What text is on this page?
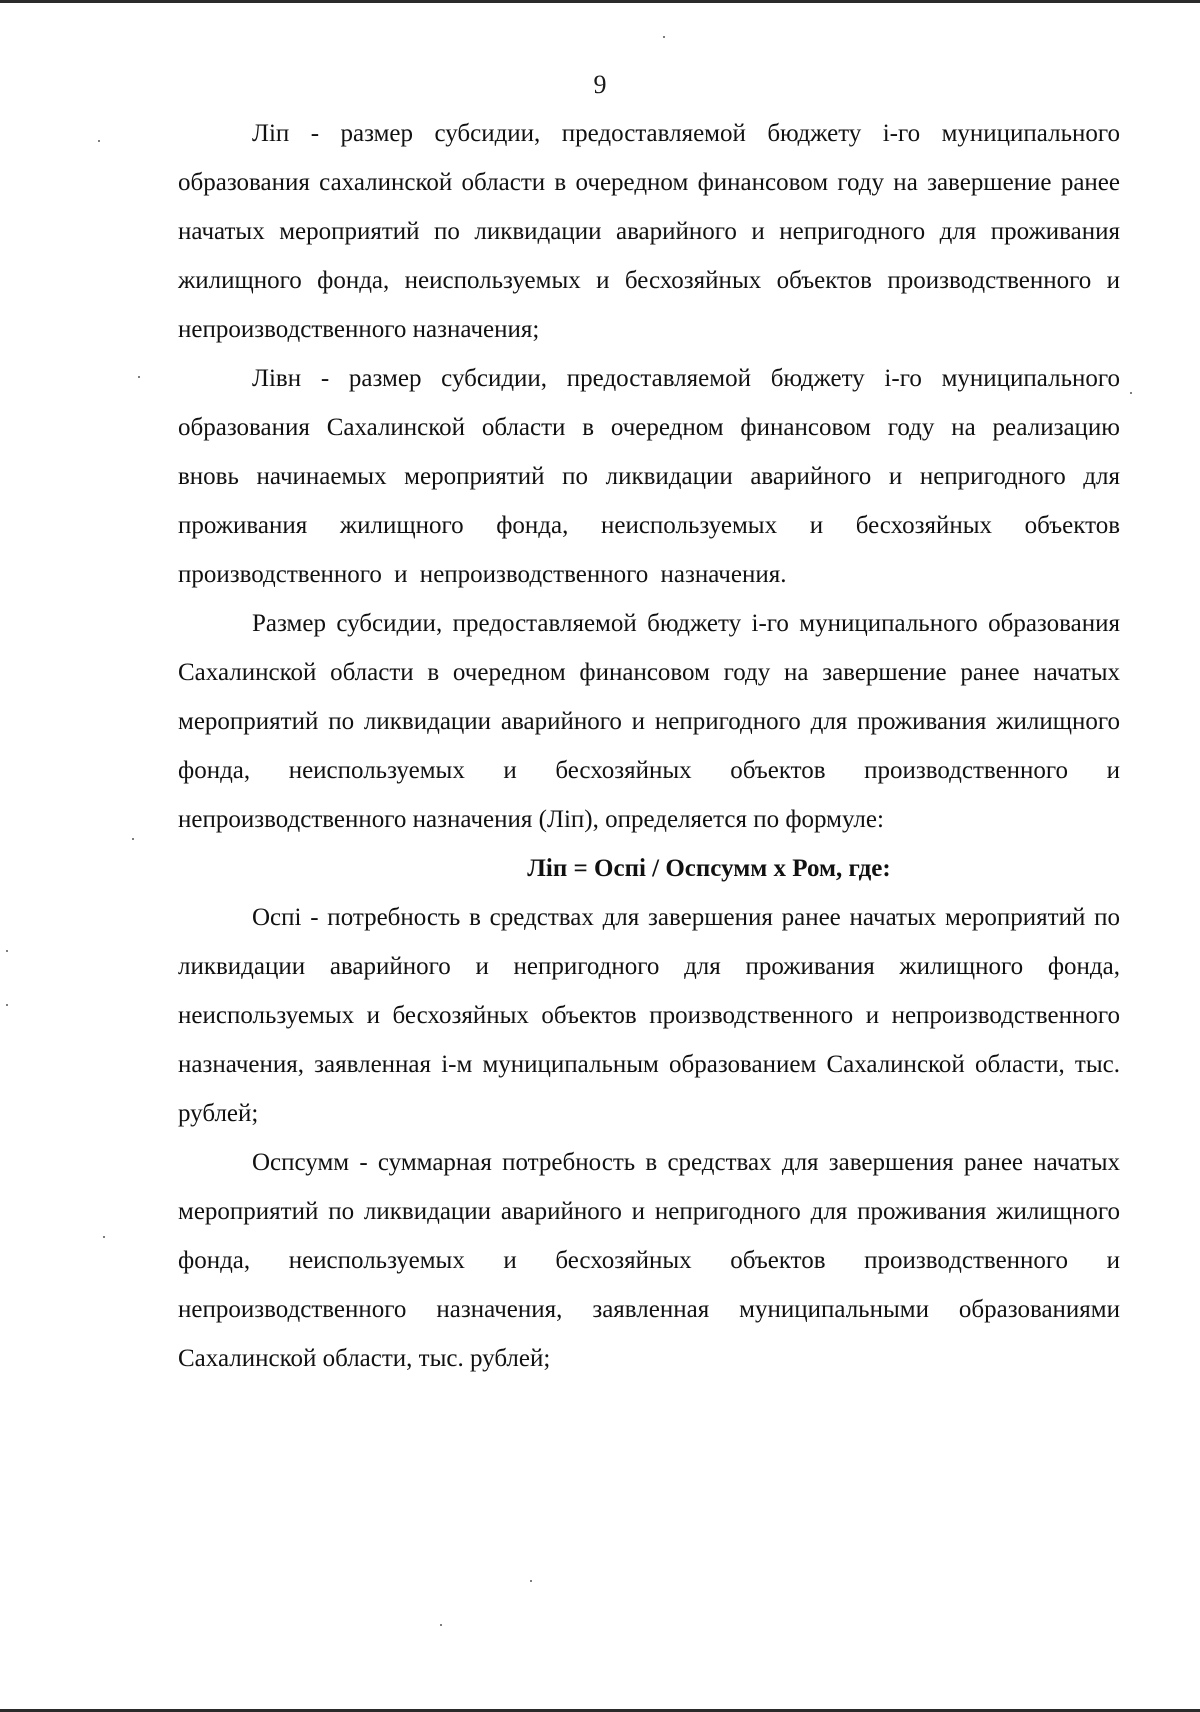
9

Ліп - размер субсидии, предоставляемой бюджету і-го муниципального образования сахалинской области в очередном финансовом году на завершение ранее начатых мероприятий по ликвидации аварийного и непригодного для проживания жилищного фонда, неиспользуемых и бесхозяйных объектов производственного и непроизводственного назначения;

Лівн - размер субсидии, предоставляемой бюджету і-го муниципального образования Сахалинской области в очередном финансовом году на реализацию вновь начинаемых мероприятий по ликвидации аварийного и непригодного для проживания жилищного фонда, неиспользуемых и бесхозяйных объектов производственного и непроизводственного назначения.

Размер субсидии, предоставляемой бюджету і-го муниципального образования Сахалинской области в очередном финансовом году на завершение ранее начатых мероприятий по ликвидации аварийного и непригодного для проживания жилищного фонда, неиспользуемых и бесхозяйных объектов производственного и непроизводственного назначения (Ліп), определяется по формуле:

Ліп = Оспі / Оспсумм х Ром, где:

Оспі - потребность в средствах для завершения ранее начатых мероприятий по ликвидации аварийного и непригодного для проживания жилищного фонда, неиспользуемых и бесхозяйных объектов производственного и непроизводственного назначения, заявленная і-м муниципальным образованием Сахалинской области, тыс. рублей;

Оспсумм - суммарная потребность в средствах для завершения ранее начатых мероприятий по ликвидации аварийного и непригодного для проживания жилищного фонда, неиспользуемых и бесхозяйных объектов производственного и непроизводственного назначения, заявленная муниципальными образованиями Сахалинской области, тыс. рублей;
